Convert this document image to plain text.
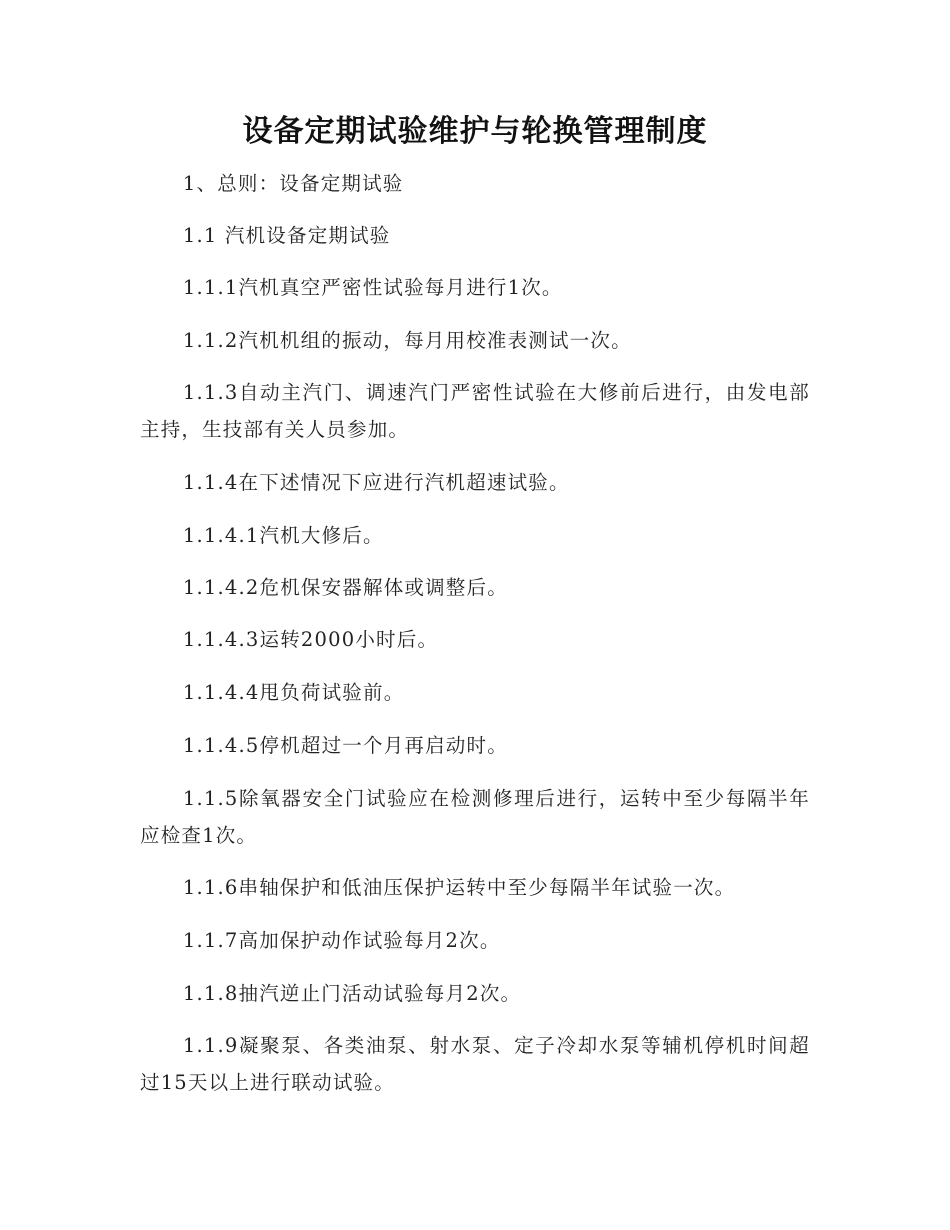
设备定期试验维护与轮换管理制度

1、总则：设备定期试验

1.1 汽机设备定期试验

1.1.1汽机真空严密性试验每月进行1次。

1.1.2汽机机组的振动，每月用校准表测试一次。

1.1.3自动主汽门、调速汽门严密性试验在大修前后进行，由发电部主持，生技部有关人员参加。

1.1.4在下述情况下应进行汽机超速试验。

1.1.4.1汽机大修后。

1.1.4.2危机保安器解体或调整后。

1.1.4.3运转2000小时后。

1.1.4.4甩负荷试验前。

1.1.4.5停机超过一个月再启动时。

1.1.5除氧器安全门试验应在检测修理后进行，运转中至少每隔半年应检查1次。

1.1.6串轴保护和低油压保护运转中至少每隔半年试验一次。

1.1.7高加保护动作试验每月2次。

1.1.8抽汽逆止门活动试验每月2次。

1.1.9凝聚泵、各类油泵、射水泵、定子冷却水泵等辅机停机时间超过15天以上进行联动试验。
